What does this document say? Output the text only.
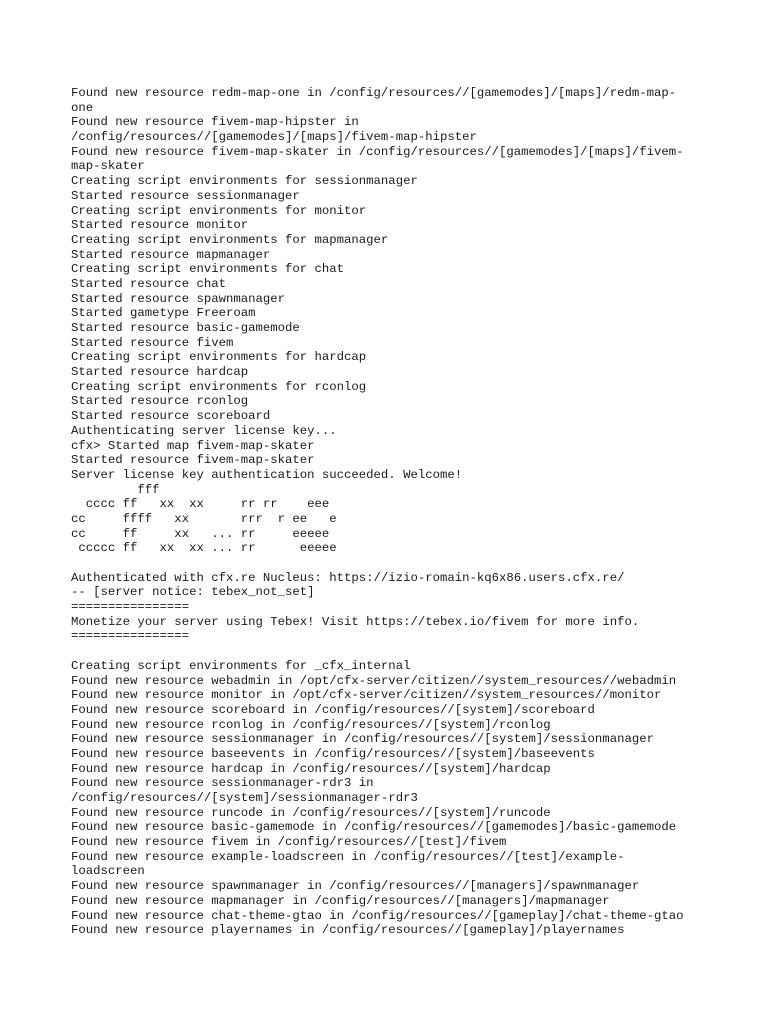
Found new resource redm-map-one in /config/resources//[gamemodes]/[maps]/redm-map-
one
Found new resource fivem-map-hipster in
/config/resources//[gamemodes]/[maps]/fivem-map-hipster
Found new resource fivem-map-skater in /config/resources//[gamemodes]/[maps]/fivem-
map-skater
Creating script environments for sessionmanager
Started resource sessionmanager
Creating script environments for monitor
Started resource monitor
Creating script environments for mapmanager
Started resource mapmanager
Creating script environments for chat
Started resource chat
Started resource spawnmanager
Started gametype Freeroam
Started resource basic-gamemode
Started resource fivem
Creating script environments for hardcap
Started resource hardcap
Creating script environments for rconlog
Started resource rconlog
Started resource scoreboard
Authenticating server license key...
cfx> Started map fivem-map-skater
Started resource fivem-map-skater
Server license key authentication succeeded. Welcome!
fff
cccc ff   xx  xx     rr rr    eee
cc     ffff   xx       rrr  r ee   e
cc     ff     xx   ... rr     eeeee
ccccc ff   xx  xx ... rr      eeeee
Authenticated with cfx.re Nucleus: https://izio-romain-kq6x86.users.cfx.re/
-- [server notice: tebex_not_set]
================
Monetize your server using Tebex! Visit https://tebex.io/fivem for more info.
================
Creating script environments for _cfx_internal
Found new resource webadmin in /opt/cfx-server/citizen//system_resources//webadmin
Found new resource monitor in /opt/cfx-server/citizen//system_resources//monitor
Found new resource scoreboard in /config/resources//[system]/scoreboard
Found new resource rconlog in /config/resources//[system]/rconlog
Found new resource sessionmanager in /config/resources//[system]/sessionmanager
Found new resource baseevents in /config/resources//[system]/baseevents
Found new resource hardcap in /config/resources//[system]/hardcap
Found new resource sessionmanager-rdr3 in
/config/resources//[system]/sessionmanager-rdr3
Found new resource runcode in /config/resources//[system]/runcode
Found new resource basic-gamemode in /config/resources//[gamemodes]/basic-gamemode
Found new resource fivem in /config/resources//[test]/fivem
Found new resource example-loadscreen in /config/resources//[test]/example-
loadscreen
Found new resource spawnmanager in /config/resources//[managers]/spawnmanager
Found new resource mapmanager in /config/resources//[managers]/mapmanager
Found new resource chat-theme-gtao in /config/resources//[gameplay]/chat-theme-gtao
Found new resource playernames in /config/resources//[gameplay]/playernames
